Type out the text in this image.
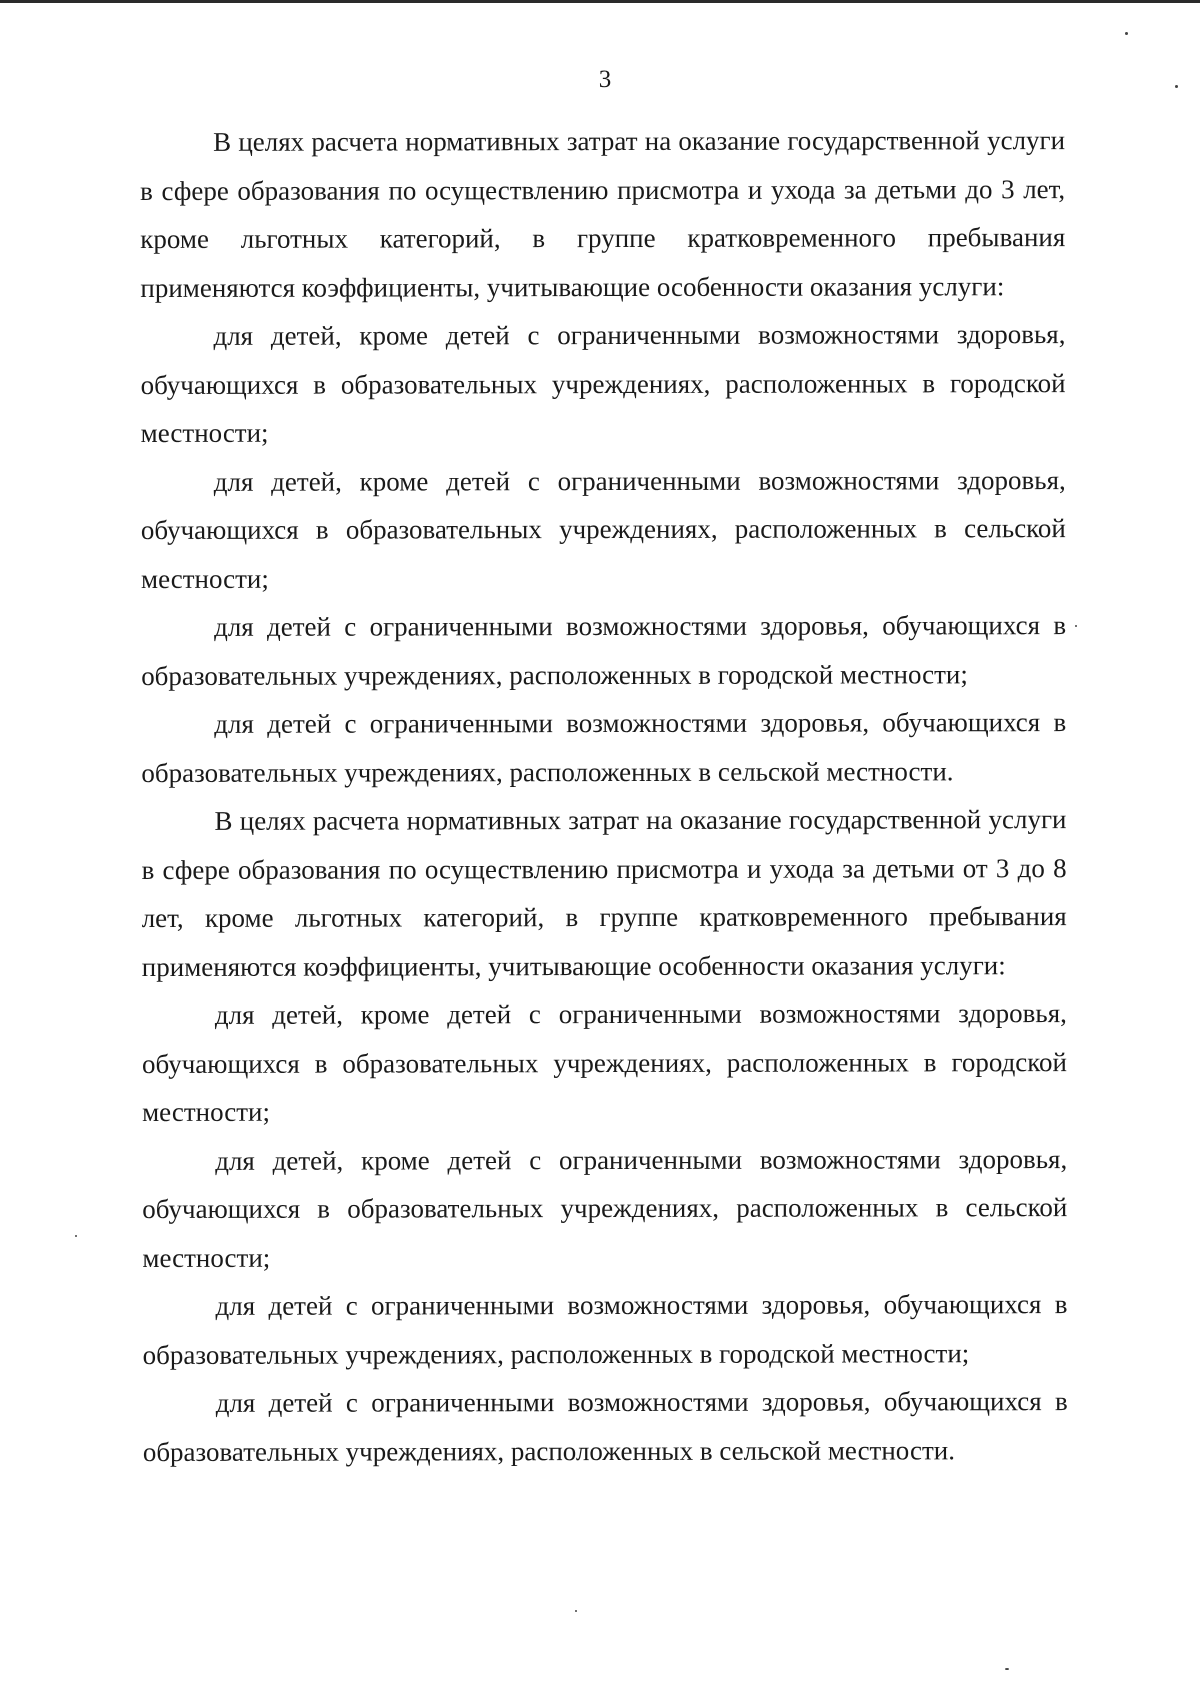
3

В целях расчета нормативных затрат на оказание государственной услуги в сфере образования по осуществлению присмотра и ухода за детьми до 3 лет, кроме льготных категорий, в группе кратковременного пребывания применяются коэффициенты, учитывающие особенности оказания услуги:

для детей, кроме детей с ограниченными возможностями здоровья, обучающихся в образовательных учреждениях, расположенных в городской местности;

для детей, кроме детей с ограниченными возможностями здоровья, обучающихся в образовательных учреждениях, расположенных в сельской местности;

для детей с ограниченными возможностями здоровья, обучающихся в образовательных учреждениях, расположенных в городской местности;

для детей с ограниченными возможностями здоровья, обучающихся в образовательных учреждениях, расположенных в сельской местности.

В целях расчета нормативных затрат на оказание государственной услуги в сфере образования по осуществлению присмотра и ухода за детьми от 3 до 8 лет, кроме льготных категорий, в группе кратковременного пребывания применяются коэффициенты, учитывающие особенности оказания услуги:

для детей, кроме детей с ограниченными возможностями здоровья, обучающихся в образовательных учреждениях, расположенных в городской местности;

для детей, кроме детей с ограниченными возможностями здоровья, обучающихся в образовательных учреждениях, расположенных в сельской местности;

для детей с ограниченными возможностями здоровья, обучающихся в образовательных учреждениях, расположенных в городской местности;

для детей с ограниченными возможностями здоровья, обучающихся в образовательных учреждениях, расположенных в сельской местности.
